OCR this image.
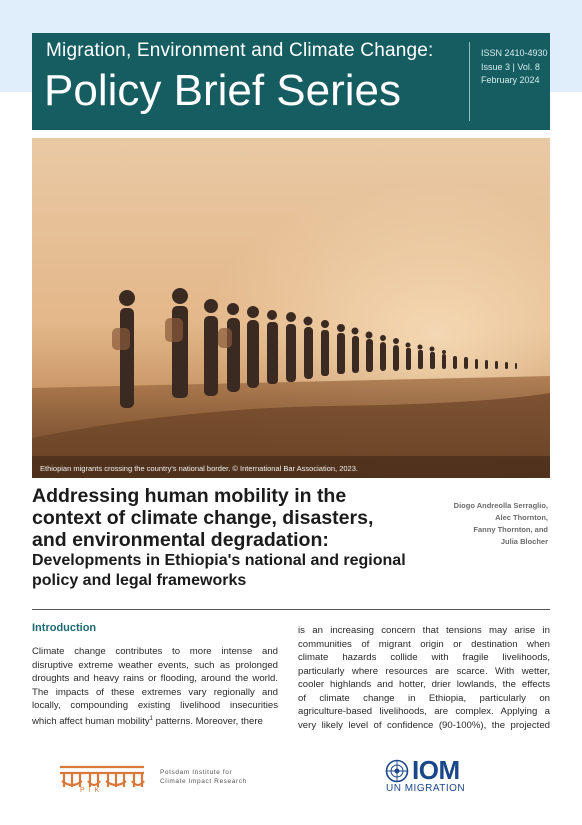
Migration, Environment and Climate Change:
Policy Brief Series
ISSN 2410-4930
Issue 3 | Vol. 8
February 2024
Ethiopian migrants crossing the country's national border. © International Bar Association, 2023.
Addressing human mobility in the context of climate change, disasters, and environmental degradation:
Developments in Ethiopia's national and regional policy and legal frameworks
Diogo Andreolla Serraglio,
Alec Thornton,
Fanny Thornton, and
Julia Blocher
Introduction
Climate change contributes to more intense and
disruptive extreme weather events, such as prolonged
droughts and heavy rains or flooding, around the world.
The impacts of these extremes vary regionally and
locally, compounding existing livelihood insecurities
which affect human mobility$^1$ patterns. Moreover, there
is an increasing concern that tensions may arise in
communities of migrant origin or destination when
climate hazards collide with fragile livelihoods,
particularly where resources are scarce. With wetter,
cooler highlands and hotter, drier lowlands, the effects
of climate change in Ethiopia, particularly on
agriculture-based livelihoods, are complex. Applying a
very likely level of confidence (90-100%), the projected
PIK
Potsdam Institute for
Climate Impact Research	IOM
UN MIGRATION
